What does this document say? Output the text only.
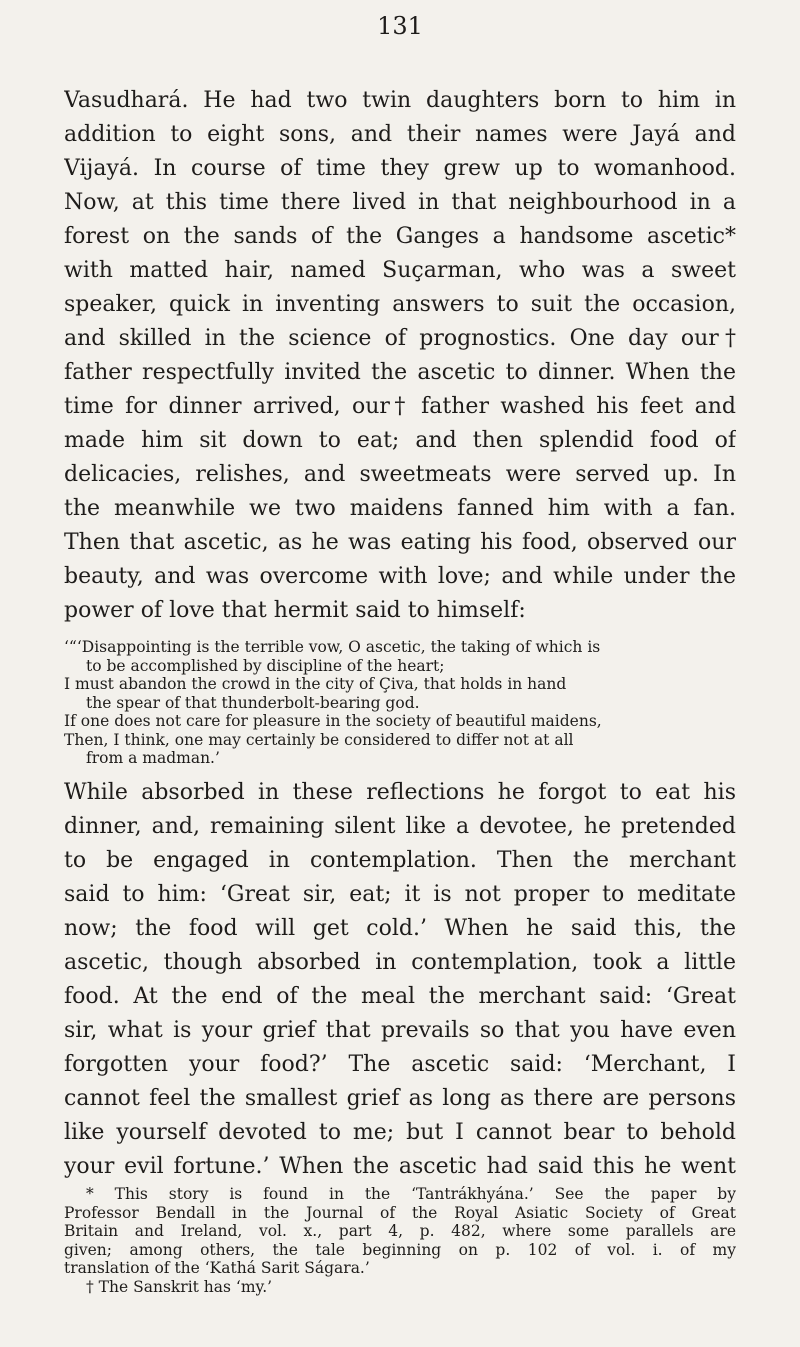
131
Vasudhará. He had two twin daughters born to him in
addition to eight sons, and their names were Jayá and
Vijayá. In course of time they grew up to womanhood.
Now, at this time there lived in that neighbourhood in a
forest on the sands of the Ganges a handsome ascetic*
with matted hair, named Suçarman, who was a sweet
speaker, quick in inventing answers to suit the occasion,
and skilled in the science of prognostics. One day our†
father respectfully invited the ascetic to dinner. When the
time for dinner arrived, our† father washed his feet and
made him sit down to eat; and then splendid food of
delicacies, relishes, and sweetmeats were served up. In
the meanwhile we two maidens fanned him with a fan.
Then that ascetic, as he was eating his food, observed our
beauty, and was overcome with love; and while under the
power of love that hermit said to himself:
‘“‘Disappointing is the terrible vow, O ascetic, the taking of which is
to be accomplished by discipline of the heart;
I must abandon the crowd in the city of Çiva, that holds in hand
the spear of that thunderbolt-bearing god.
If one does not care for pleasure in the society of beautiful maidens,
Then, I think, one may certainly be considered to differ not at all
from a madman.’
While absorbed in these reflections he forgot to eat his
dinner, and, remaining silent like a devotee, he pretended
to be engaged in contemplation. Then the merchant
said to him: ‘Great sir, eat; it is not proper to meditate
now; the food will get cold.’ When he said this, the
ascetic, though absorbed in contemplation, took a little
food. At the end of the meal the merchant said: ‘Great
sir, what is your grief that prevails so that you have even
forgotten your food?’ The ascetic said: ‘Merchant, I
cannot feel the smallest grief as long as there are persons
like yourself devoted to me; but I cannot bear to behold
your evil fortune.’ When the ascetic had said this he went
* This story is found in the ‘Tantrákhyána.’ See the paper by
Professor Bendall in the Journal of the Royal Asiatic Society of Great
Britain and Ireland, vol. x., part 4, p. 482, where some parallels are
given; among others, the tale beginning on p. 102 of vol. i. of my
translation of the ‘Kathá Sarit Ságara.’
† The Sanskrit has ‘my.’
